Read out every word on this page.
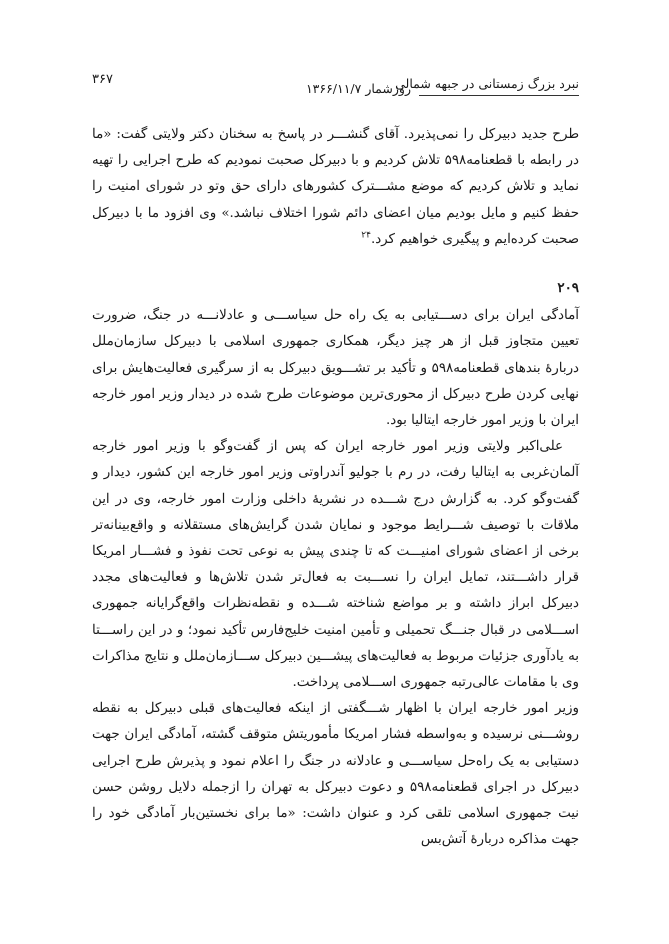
نبرد بزرگ زمستانی در جبهه شمالی
روزشمار ۱۳۶۶/۱۱/۷
۳۶۷

طرح جدید دبیرکل را نمی‌پذیرد. آقای گنشـــر در پاسخ به سخنان دکتر ولایتی گفت: «ما در رابطه با قطعنامه۵۹۸ تلاش کردیم و با دبیرکل صحبت نمودیم که طرح اجرایی را تهیه نماید و تلاش کردیم که موضع مشـــترک کشورهای دارای حق وتو در شورای امنیت را حفظ کنیم و مایل بودیم میان اعضای دائم شورا اختلاف نباشد.» وی افزود ما با دبیرکل صحبت کرده‌ایم و پیگیری خواهیم کرد.$^{۲۴}$

۲۰۹

آمادگی ایران برای دســـتیابی به یک راه حل سیاســـی و عادلانـــه در جنگ، ضرورت تعیین متجاوز قبل از هر چیز دیگر، همکاری جمهوری اسلامی با دبیرکل سازمان‌ملل دربارۀ بندهای قطعنامه۵۹۸ و تأکید بر تشـــویق دبیرکل به از سرگیری فعالیت‌هایش برای نهایی کردن طرح دبیرکل از محوری‌ترین موضوعات طرح شده در دیدار وزیر امور خارجه ایران با وزیر امور خارجه ایتالیا بود.

علی‌اکبر ولایتی وزیر امور خارجه ایران که پس از گفت‌وگو با وزیر امور خارجه آلمان‌غربی به ایتالیا رفت، در رم با جولیو آندراوتی وزیر امور خارجه این کشور، دیدار و گفت‌وگو کرد. به گزارش درج شـــده در نشریۀ داخلی وزارت امور خارجه، وی در این ملاقات با توصیف شـــرایط موجود و نمایان شدن گرایش‌های مستقلانه و واقع‌بینانه‌تر برخی از اعضای شورای امنیـــت که تا چندی پیش به نوعی تحت نفوذ و فشـــار امریکا قرار داشـــتند، تمایل ایران را نســـبت به فعال‌تر شدن تلاش‌ها و فعالیت‌های مجدد دبیرکل ابراز داشته و بر مواضع شناخته شـــده و نقطه‌نظرات واقع‌گرایانه جمهوری اســـلامی در قبال جنـــگ تحمیلی و تأمین امنیت خلیج‌فارس تأکید نمود؛ و در این راســـتا به یادآوری جزئیات مربوط به فعالیت‌های پیشـــین دبیرکل ســـازمان‌ملل و نتایج مذاکرات وی با مقامات عالی‌رتبه جمهوری اســـلامی پرداخت.

وزیر امور خارجه ایران با اظهار شـــگفتی از اینکه فعالیت‌های قبلی دبیرکل به نقطه روشـــنی نرسیده و به‌واسطه فشار امریکا مأموریتش متوقف گشته، آمادگی ایران جهت دستیابی به یک راه‌حل سیاســـی و عادلانه در جنگ را اعلام نمود و پذیرش طرح اجرایی دبیرکل در اجرای قطعنامه۵۹۸ و دعوت دبیرکل به تهران را ازجمله دلایل روشن حسن نیت جمهوری اسلامی تلقی کرد و عنوان داشت: «ما برای نخستین‌بار آمادگی خود را جهت مذاکره دربارۀ آتش‌بس
